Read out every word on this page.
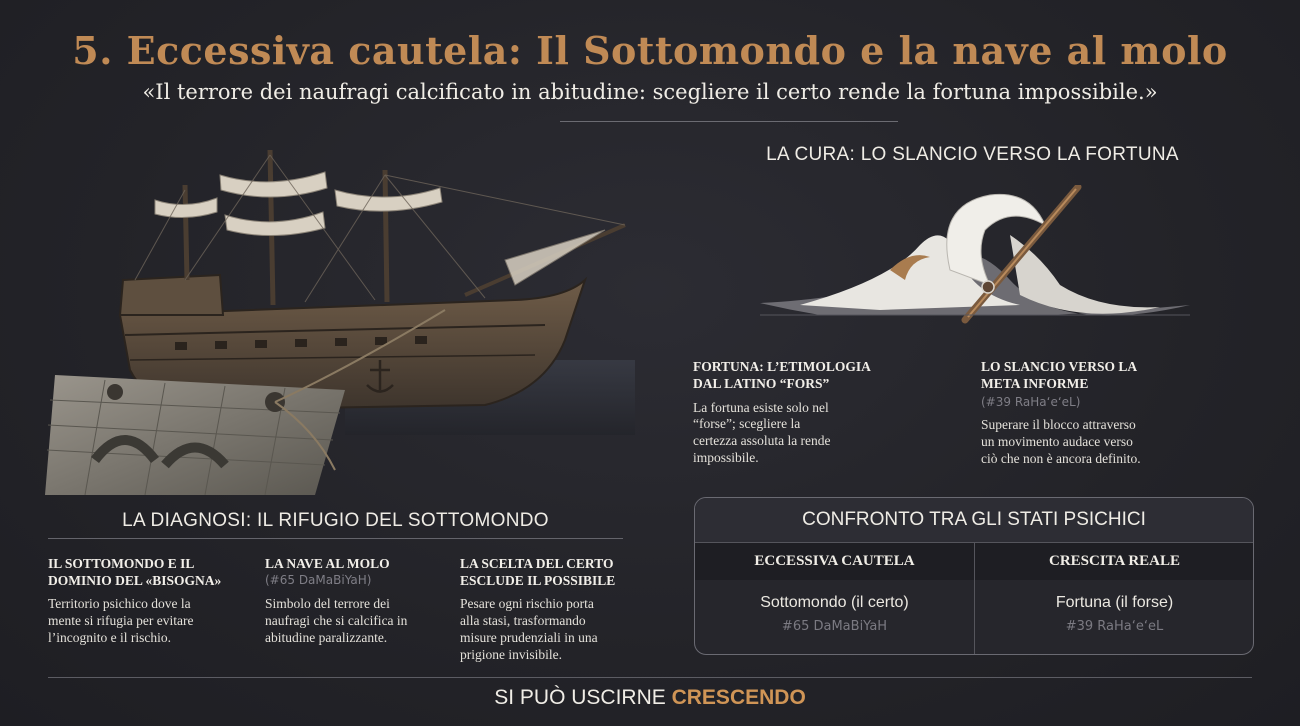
5. Eccessiva cautela: Il Sottomondo e la nave al molo
«Il terrore dei naufragi calcificato in abitudine: scegliere il certo rende la fortuna impossibile.»
LA CURA: LO SLANCIO VERSO LA FORTUNA
FORTUNA: L’ETIMOLOGIA
DAL LATINO “FORS”
La fortuna esiste solo nel
“forse”; scegliere la
certezza assoluta la rende
impossibile.
LO SLANCIO VERSO LA
META INFORME
(#39 RaHa‘e‘eL)
Superare il blocco attraverso
un movimento audace verso
ciò che non è ancora definito.
LA DIAGNOSI: IL RIFUGIO DEL SOTTOMONDO
IL SOTTOMONDO E IL
DOMINIO DEL «BISOGNA»
Territorio psichico dove la
mente si rifugia per evitare
l’incognito e il rischio.
LA NAVE AL MOLO
(#65 DaMaBiYaH)
Simbolo del terrore dei
naufragi che si calcifica in
abitudine paralizzante.
LA SCELTA DEL CERTO
ESCLUDE IL POSSIBILE
Pesare ogni rischio porta
alla stasi, trasformando
misure prudenziali in una
prigione invisibile.
CONFRONTO TRA GLI STATI PSICHICI
ECCESSIVA CAUTELA	CRESCITA REALE
Sottomondo (il certo)	Fortuna (il forse)
#65 DaMaBiYaH	#39 RaHa‘e‘eL
SI PUÒ USCIRNE CRESCENDO
